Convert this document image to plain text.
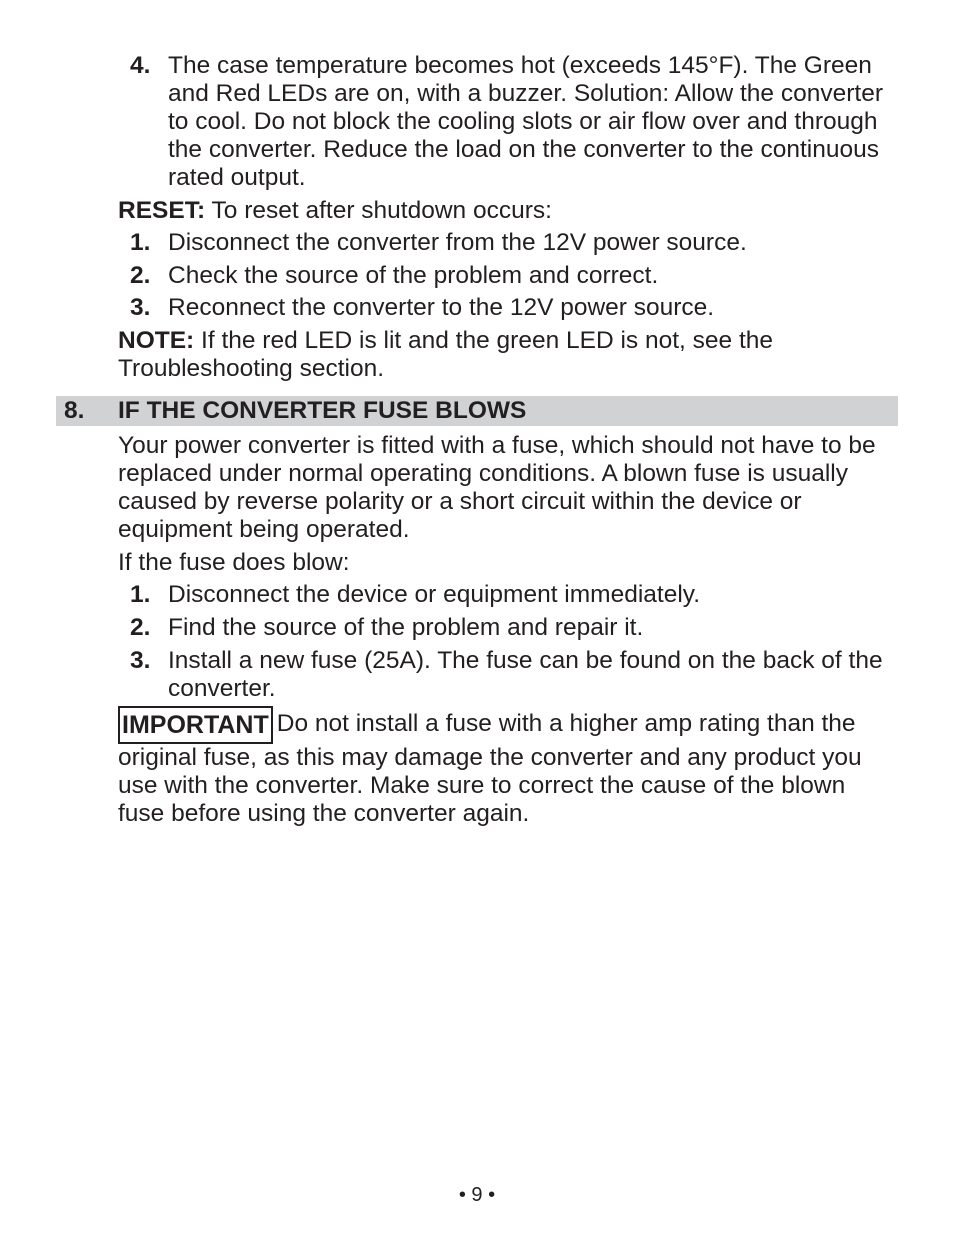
4. The case temperature becomes hot (exceeds 145°F). The Green and Red LEDs are on, with a buzzer. Solution: Allow the converter to cool. Do not block the cooling slots or air flow over and through the converter. Reduce the load on the converter to the continuous rated output.
RESET: To reset after shutdown occurs:
1. Disconnect the converter from the 12V power source.
2. Check the source of the problem and correct.
3. Reconnect the converter to the 12V power source.
NOTE: If the red LED is lit and the green LED is not, see the Troubleshooting section.
8. IF THE CONVERTER FUSE BLOWS
Your power converter is fitted with a fuse, which should not have to be replaced under normal operating conditions. A blown fuse is usually caused by reverse polarity or a short circuit within the device or equipment being operated.
If the fuse does blow:
1. Disconnect the device or equipment immediately.
2. Find the source of the problem and repair it.
3. Install a new fuse (25A). The fuse can be found on the back of the converter.
IMPORTANT Do not install a fuse with a higher amp rating than the original fuse, as this may damage the converter and any product you use with the converter. Make sure to correct the cause of the blown fuse before using the converter again.
• 9 •
